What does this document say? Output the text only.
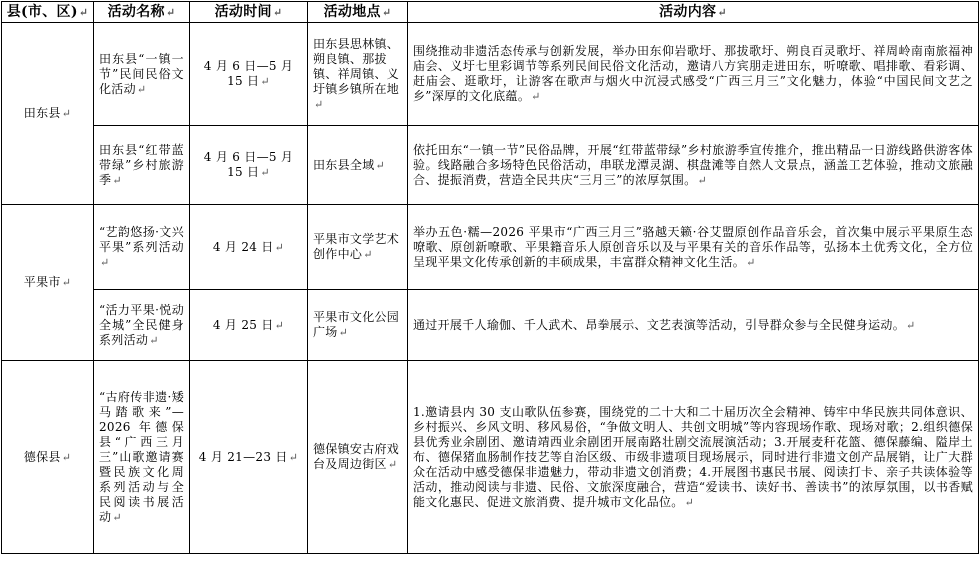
县(市、区)↵	活动名称↵	活动时间↵	活动地点↵	活动内容↵
田东县↵	田东县“一镇一节”民间民俗文化活动↵	4 月 6 日—5 月 15 日↵	田东县思林镇、朔良镇、那拔镇、祥周镇、义圩镇乡镇所在地↵	围绕推动非遗活态传承与创新发展，举办田东仰岩歌圩、那拔歌圩、朔良百灵歌圩、祥周岭南南旅福神庙会、义圩七里彩调节等系列民间民俗文化活动，邀请八方宾朋走进田东，听嘹歌、唱排歌、看彩调、赶庙会、逛歌圩，让游客在歌声与烟火中沉浸式感受“广西三月三”文化魅力，体验“中国民间文艺之乡”深厚的文化底蕴。↵
	田东县“红带蓝带绿”乡村旅游季↵	4 月 6 日—5 月 15 日↵	田东县全域↵	依托田东“一镇一节”民俗品牌，开展“红带蓝带绿”乡村旅游季宣传推介，推出精品一日游线路供游客体验。线路融合多场特色民俗活动，串联龙潭灵湖、棋盘滩等自然人文景点，涵盖工艺体验，推动文旅融合、提振消费，营造全民共庆“三月三”的浓厚氛围。↵
平果市↵	“艺韵悠扬·文兴平果”系列活动↵	4 月 24 日↵	平果市文学艺术创作中心↵	举办五色·糯—2026 平果市“广西三月三”骆越天籁·谷艾盟原创作品音乐会，首次集中展示平果原生态嘹歌、原创新嘹歌、平果籍音乐人原创音乐以及与平果有关的音乐作品等，弘扬本土优秀文化，全方位呈现平果文化传承创新的丰硕成果，丰富群众精神文化生活。↵
	“活力平果·悦动全城”全民健身系列活动↵	4 月 25 日↵	平果市文化公园广场↵	通过开展千人瑜伽、千人武术、昂拳展示、文艺表演等活动，引导群众参与全民健身运动。↵
德保县↵	“古府传非遗·矮马踏歌来”—2026 年德保县“广西三月三”山歌邀请赛暨民族文化周系列活动与全民阅读书展活动↵	4 月 21—23 日↵	德保镇安古府戏台及周边街区↵	1.邀请县内 30 支山歌队伍参赛，围绕党的二十大和二十届历次全会精神、铸牢中华民族共同体意识、乡村振兴、乡风文明、移风易俗，“争做文明人、共创文明城”等内容现场作歌、现场对歌；2.组织德保县优秀业余剧团、邀请靖西业余剧团开展南路壮剧交流展演活动；3.开展麦秆花篮、德保藤编、隘岸土布、德保猪血肠制作技艺等自治区级、市级非遗项目现场展示，同时进行非遗文创产品展销，让广大群众在活动中感受德保非遗魅力，带动非遗文创消费；4.开展图书惠民书展、阅读打卡、亲子共读体验等活动，推动阅读与非遗、民俗、文旅深度融合，营造“爱读书、读好书、善读书”的浓厚氛围，以书香赋能文化惠民、促进文旅消费、提升城市文化品位。↵
